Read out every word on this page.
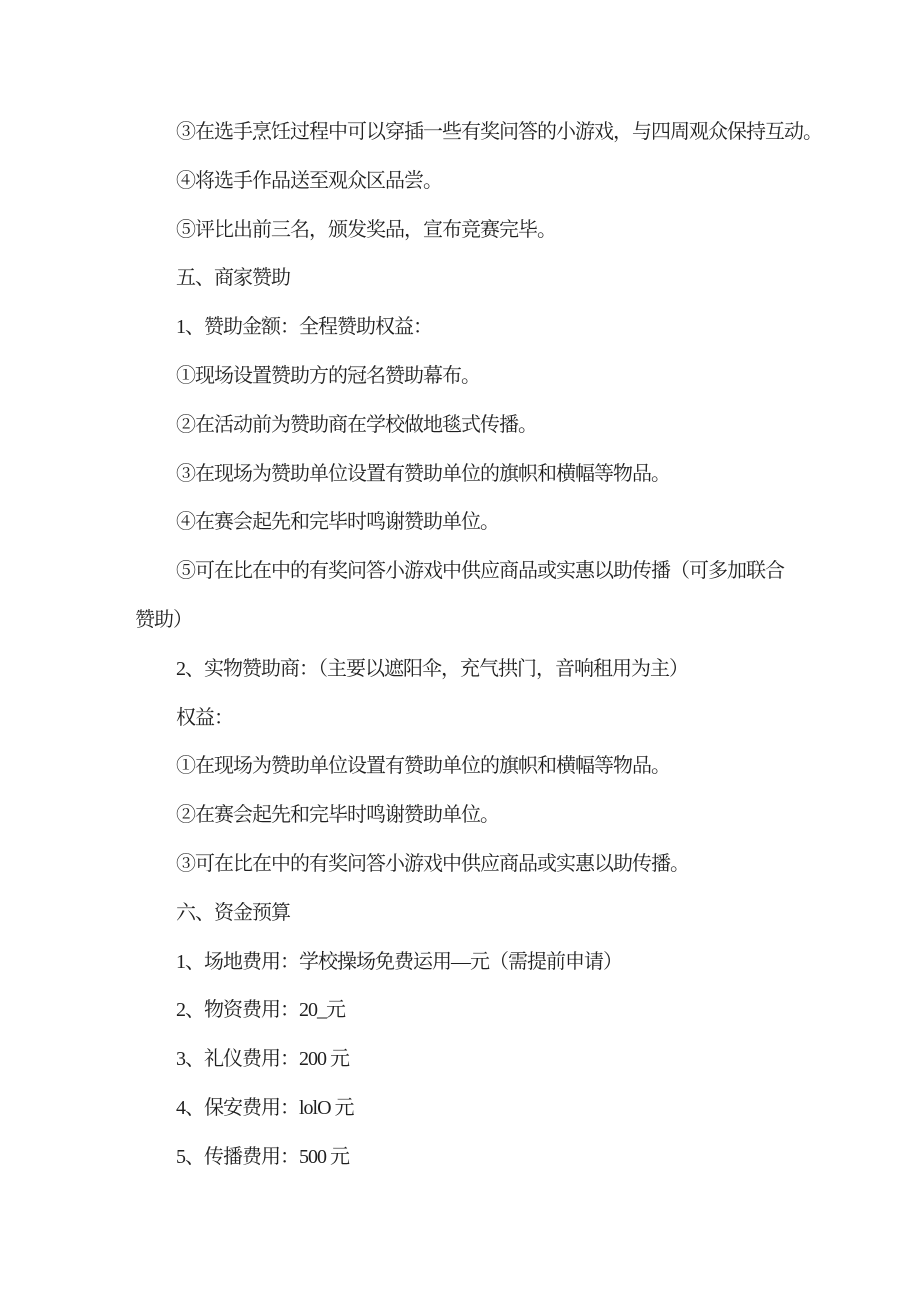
③在选手烹饪过程中可以穿插一些有奖问答的小游戏，与四周观众保持互动。

④将选手作品送至观众区品尝。

⑤评比出前三名，颁发奖品，宣布竞赛完毕。

五、商家赞助

1、赞助金额：全程赞助权益：

①现场设置赞助方的冠名赞助幕布。

②在活动前为赞助商在学校做地毯式传播。

③在现场为赞助单位设置有赞助单位的旗帜和横幅等物品。

④在赛会起先和完毕时鸣谢赞助单位。

⑤可在比在中的有奖问答小游戏中供应商品或实惠以助传播（可多加联合

赞助）

2、实物赞助商：（主要以遮阳伞，充气拱门，音响租用为主）

权益：

①在现场为赞助单位设置有赞助单位的旗帜和横幅等物品。

②在赛会起先和完毕时鸣谢赞助单位。

③可在比在中的有奖问答小游戏中供应商品或实惠以助传播。

六、资金预算

1、场地费用：学校操场免费运用—元（需提前申请）

2、物资费用：20_元

3、礼仪费用：200 元

4、保安费用：lolO 元

5、传播费用：500 元
